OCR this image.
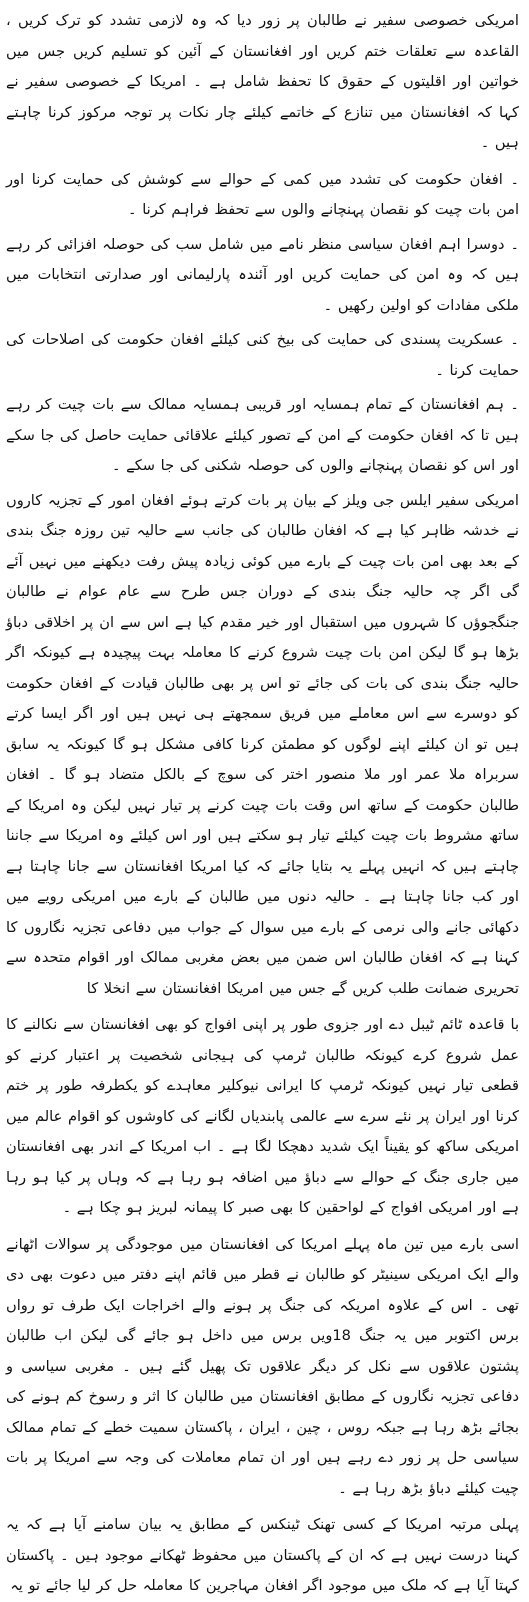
امریکی خصوصی سفیر نے طالبان پر زور دیا کہ وہ لازمی تشدد کو ترک کریں ، القاعدہ سے تعلقات ختم کریں اور افغانستان کے آئین کو تسلیم کریں جس میں خواتین اور اقلیتوں کے حقوق کا تحفظ شامل ہے ۔ امریکا کے خصوصی سفیر نے کہا کہ افغانستان میں تنازع کے خاتمے کیلئے چار نکات پر توجہ مرکوز کرنا چاہتے ہیں ۔

۔ افغان حکومت کی تشدد میں کمی کے حوالے سے کوشش کی حمایت کرنا اور امن بات چیت کو نقصان پہنچانے والوں سے تحفظ فراہم کرنا ۔

۔ دوسرا اہم افغان سیاسی منظر نامے میں شامل سب کی حوصلہ افزائی کر رہے ہیں کہ وہ امن کی حمایت کریں اور آئندہ پارلیمانی اور صدارتی انتخابات میں ملکی مفادات کو اولین رکھیں ۔

۔ عسکریت پسندی کی حمایت کی بیخ کنی کیلئے افغان حکومت کی اصلاحات کی حمایت کرنا ۔

۔ ہم افغانستان کے تمام ہمسایہ اور قریبی ہمسایہ ممالک سے بات چیت کر رہے ہیں تا کہ افغان حکومت کے امن کے تصور کیلئے علاقائی حمایت حاصل کی جا سکے اور اس کو نقصان پہنچانے والوں کی حوصلہ شکنی کی جا سکے ۔

امریکی سفیر ایلس جی ویلز کے بیان پر بات کرتے ہوئے افغان امور کے تجزیہ کاروں نے خدشہ ظاہر کیا ہے کہ افغان طالبان کی جانب سے حالیہ تین روزہ جنگ بندی کے بعد بھی امن بات چیت کے بارے میں کوئی زیادہ پیش رفت دیکھنے میں نہیں آئے گی اگر چہ حالیہ جنگ بندی کے دوران جس طرح سے عام عوام نے طالبان جنگجوؤں کا شہروں میں استقبال اور خیر مقدم کیا ہے اس سے ان پر اخلاقی دباؤ بڑھا ہو گا لیکن امن بات چیت شروع کرنے کا معاملہ بہت پیچیدہ ہے کیونکہ اگر حالیہ جنگ بندی کی بات کی جائے تو اس پر بھی طالبان قیادت کے افغان حکومت کو دوسرے سے اس معاملے میں فریق سمجھتے ہی نہیں ہیں اور اگر ایسا کرتے ہیں تو ان کیلئے اپنے لوگوں کو مطمئن کرنا کافی مشکل ہو گا کیونکہ یہ سابق سربراہ ملا عمر اور ملا منصور اختر کی سوچ کے بالکل متضاد ہو گا ۔ افغان طالبان حکومت کے ساتھ اس وقت بات چیت کرنے پر تیار نہیں لیکن وہ امریکا کے ساتھ مشروط بات چیت کیلئے تیار ہو سکتے ہیں اور اس کیلئے وہ امریکا سے جاننا چاہتے ہیں کہ انہیں پہلے یہ بتایا جائے کہ کیا امریکا افغانستان سے جانا چاہتا ہے اور کب جانا چاہتا ہے ۔ حالیہ دنوں میں طالبان کے بارے میں امریکی رویے میں دکھائی جانے والی نرمی کے بارے میں سوال کے جواب میں دفاعی تجزیہ نگاروں کا کہنا ہے کہ افغان طالبان اس ضمن میں بعض مغربی ممالک اور اقوام متحدہ سے تحریری ضمانت طلب کریں گے جس میں امریکا افغانستان سے انخلا کا

با قاعدہ ٹائم ٹیبل دے اور جزوی طور پر اپنی افواج کو بھی افغانستان سے نکالنے کا عمل شروع کرے کیونکہ طالبان ٹرمپ کی ہیجانی شخصیت پر اعتبار کرنے کو قطعی تیار نہیں کیونکہ ٹرمپ کا ایرانی نیوکلیر معاہدے کو یکطرفہ طور پر ختم کرنا اور ایران پر نئے سرے سے عالمی پابندیاں لگانے کی کاوشوں کو اقوام عالم میں امریکی ساکھ کو یقیناً ایک شدید دھچکا لگا ہے ۔ اب امریکا کے اندر بھی افغانستان میں جاری جنگ کے حوالے سے دباؤ میں اضافہ ہو رہا ہے کہ وہاں پر کیا ہو رہا ہے اور امریکی افواج کے لواحقین کا بھی صبر کا پیمانہ لبریز ہو چکا ہے ۔

اسی بارے میں تین ماہ پہلے امریکا کی افغانستان میں موجودگی پر سوالات اٹھانے والے ایک امریکی سینیٹر کو طالبان نے قطر میں قائم اپنے دفتر میں دعوت بھی دی تھی ۔ اس کے علاوہ امریکہ کی جنگ پر ہونے والے اخراجات ایک طرف تو رواں برس اکتوبر میں یہ جنگ 18ویں برس میں داخل ہو جائے گی لیکن اب طالبان پشتون علاقوں سے نکل کر دیگر علاقوں تک پھیل گئے ہیں ۔ مغربی سیاسی و دفاعی تجزیہ نگاروں کے مطابق افغانستان میں طالبان کا اثر و رسوخ کم ہونے کی بجائے بڑھ رہا ہے جبکہ روس ، چین ، ایران ، پاکستان سمیت خطے کے تمام ممالک سیاسی حل پر زور دے رہے ہیں اور ان تمام معاملات کی وجہ سے امریکا پر بات چیت کیلئے دباؤ بڑھ رہا ہے ۔

پہلی مرتبہ امریکا کے کسی تھنک ٹینکس کے مطابق یہ بیان سامنے آیا ہے کہ یہ کہنا درست نہیں ہے کہ ان کے پاکستان میں محفوظ ٹھکانے موجود ہیں ۔ پاکستان کہتا آیا ہے کہ ملک میں موجود اگر افغان مہاجرین کا معاملہ حل کر لیا جائے تو یہ
